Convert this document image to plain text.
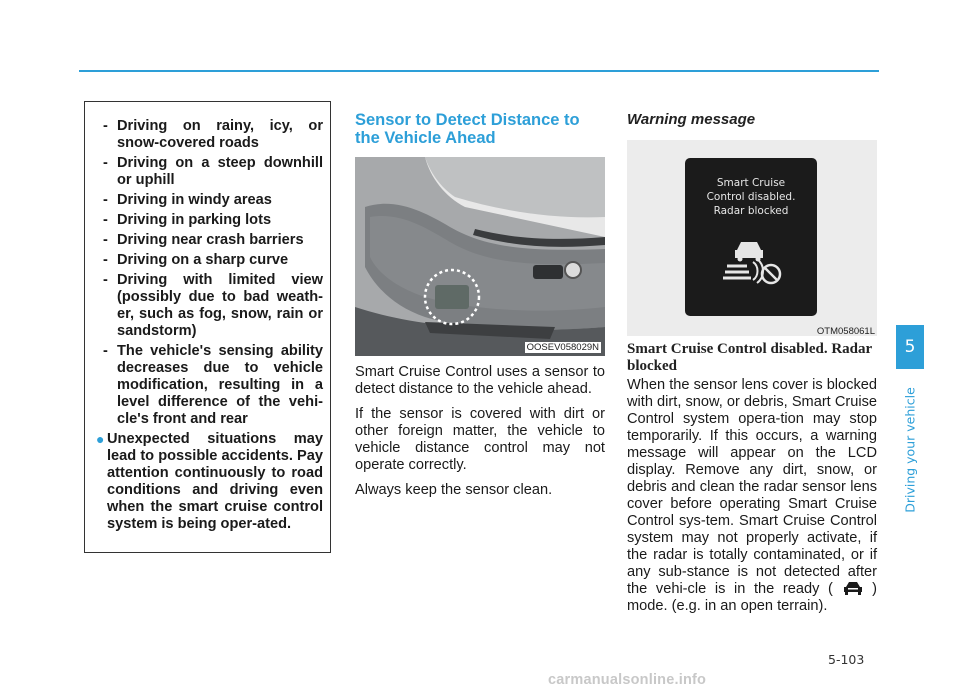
- Driving on rainy, icy, or snow-covered roads
- Driving on a steep downhill or uphill
- Driving in windy areas
- Driving in parking lots
- Driving near crash barriers
- Driving on a sharp curve
- Driving with limited view (possibly due to bad weath-er, such as fog, snow, rain or sandstorm)
- The vehicle's sensing ability decreases due to vehicle modification, resulting in a level difference of the vehi-cle's front and rear
● Unexpected situations may lead to possible accidents. Pay attention continuously to road conditions and driving even when the smart cruise control system is being oper-ated.
Sensor to Detect Distance to the Vehicle Ahead
OOSEV058029N

Smart Cruise Control uses a sensor to detect distance to the vehicle ahead.

If the sensor is covered with dirt or other foreign matter, the vehicle to vehicle distance control may not operate correctly.

Always keep the sensor clean.

Warning message
Smart Cruise
Control disabled.
Radar blocked
OTM058061L
Smart Cruise Control disabled. Radar blocked

When the sensor lens cover is blocked with dirt, snow, or debris, Smart Cruise Control system opera-tion may stop temporarily. If this occurs, a warning message will appear on the LCD display. Remove any dirt, snow, or debris and clean the radar sensor lens cover before operating Smart Cruise Control sys-tem. Smart Cruise Control system may not properly activate, if the radar is totally contaminated, or if any sub-stance is not detected after the vehi-cle is in the ready (	) mode. (e.g. in an open terrain).

5
Driving your vehicle
5-103
carmanualsonline.info
